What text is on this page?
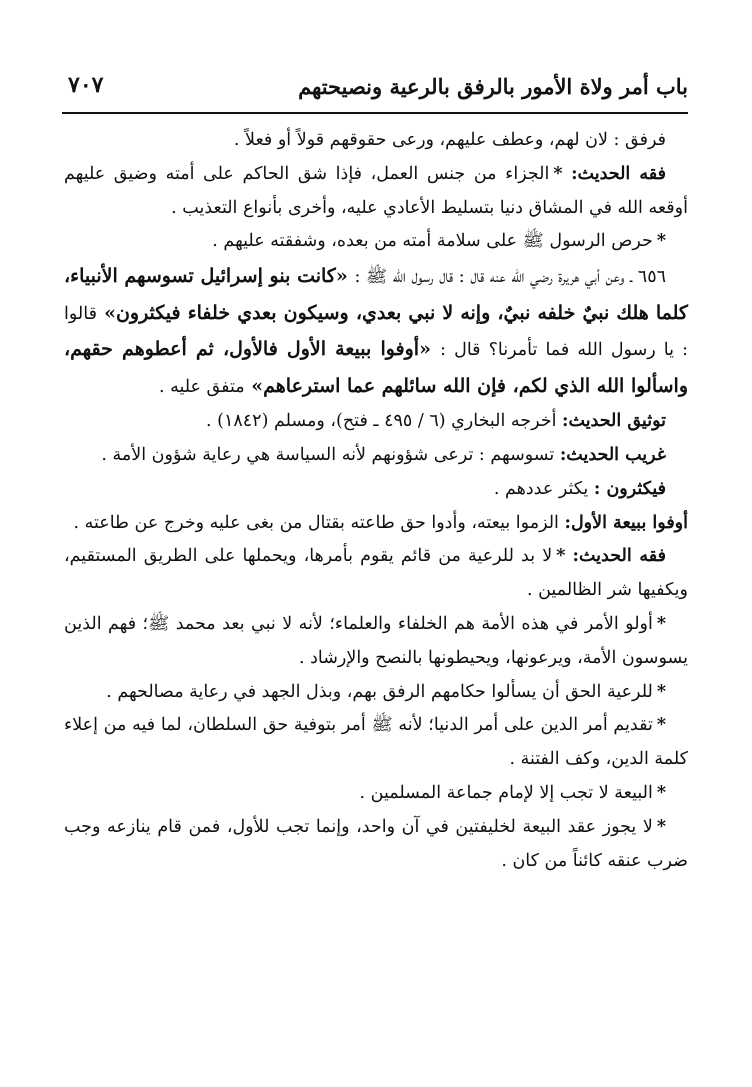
باب أمر ولاة الأمور بالرفق بالرعية ونصيحتهم
٧٠٧

فرفق : لان لهم، وعطف عليهم، ورعى حقوقهم قولاً أو فعلاً .

فقه الحديث: *الجزاء من جنس العمل، فإذا شق الحاكم على أمته وضيق عليهم أوقعه الله في المشاق دنيا بتسليط الأعادي عليه، وأخرى بأنواع التعذيب .

*حرص الرسول ﷺ على سلامة أمته من بعده، وشفقته عليهم .

٦٥٦ ـ وعن أبي هريرة رضي الله عنه قال : قال رسول الله ﷺ : «كانت بنو إسرائيل تسوسهم الأنبياء، كلما هلك نبيٌ خلفه نبيٌ، وإنه لا نبي بعدي، وسيكون بعدي خلفاء فيكثرون» قالوا : يا رسول الله فما تأمرنا؟ قال : «أوفوا ببيعة الأول فالأول، ثم أعطوهم حقهم، واسألوا الله الذي لكم، فإن الله سائلهم عما استرعاهم» متفق عليه .

توثيق الحديث: أخرجه البخاري (٦ / ٤٩٥ ـ فتح)، ومسلم (١٨٤٢) .

غريب الحديث: تسوسهم : ترعى شؤونهم لأنه السياسة هي رعاية شؤون الأمة .

فيكثرون : يكثر عددهم .

أوفوا ببيعة الأول: الزموا بيعته، وأدوا حق طاعته بقتال من بغى عليه وخرج عن طاعته .

فقه الحديث: *لا بد للرعية من قائم يقوم بأمرها، ويحملها على الطريق المستقيم، ويكفيها شر الظالمين .

*أولو الأمر في هذه الأمة هم الخلفاء والعلماء؛ لأنه لا نبي بعد محمد ﷺ؛ فهم الذين يسوسون الأمة، ويرعونها، ويحيطونها بالنصح والإرشاد .

*للرعية الحق أن يسألوا حكامهم الرفق بهم، وبذل الجهد في رعاية مصالحهم .

*تقديم أمر الدين على أمر الدنيا؛ لأنه ﷺ أمر بتوفية حق السلطان، لما فيه من إعلاء كلمة الدين، وكف الفتنة .

*البيعة لا تجب إلا لإمام جماعة المسلمين .

*لا يجوز عقد البيعة لخليفتين في آن واحد، وإنما تجب للأول، فمن قام ينازعه وجب ضرب عنقه كائناً من كان .
